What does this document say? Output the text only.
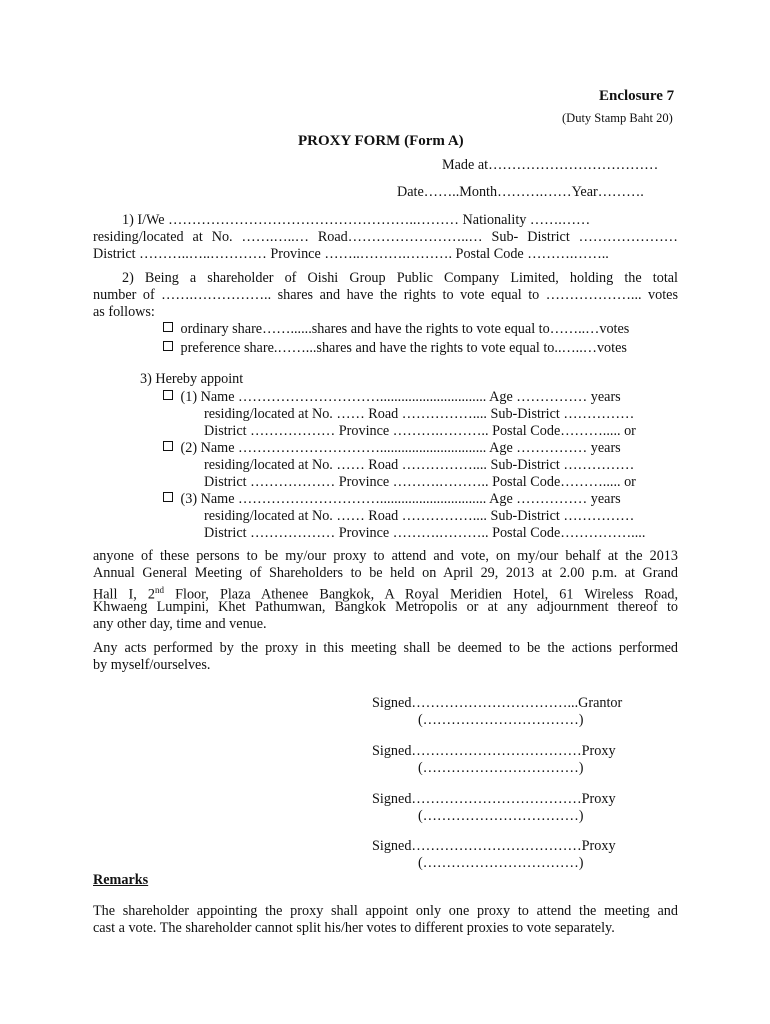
Enclosure 7
(Duty Stamp Baht 20)
PROXY FORM (Form A)
Made at………………………………
Date……..Month……….……Year……….
1) I/We ……………………………………………..……… Nationality …….……
residing/located at No. …….…..… Road……………………..… Sub- District …………………
District ………..…..………… Province ……..……….………. Postal Code ……….……..
2) Being a shareholder of Oishi Group Public Company Limited, holding the total
number of …….…………….. shares and have the rights to vote equal to ………………... votes
as follows:
ordinary share……......shares and have the rights to vote equal to……..…votes
preference share.……...shares and have the rights to vote equal to..…..…votes
3) Hereby appoint
(1) Name ………………………….............................. Age …………… years
residing/located at No. …… Road …………….... Sub-District ……………
District ……………… Province ……….……….. Postal Code………..... or
(2) Name ………………………….............................. Age …………… years
residing/located at No. …… Road …………….... Sub-District ……………
District ……………… Province ……….……….. Postal Code………..... or
(3) Name ………………………….............................. Age …………… years
residing/located at No. …… Road …………….... Sub-District ……………
District ……………… Province ……….……….. Postal Code……………....
anyone of these persons to be my/our proxy to attend and vote, on my/our behalf at the 2013
Annual General Meeting of Shareholders to be held on April 29, 2013 at 2.00 p.m. at Grand
Hall I, 2nd Floor, Plaza Athenee Bangkok, A Royal Meridien Hotel, 61 Wireless Road,
Khwaeng Lumpini, Khet Pathumwan, Bangkok Metropolis or at any adjournment thereof to
any other day, time and venue.
Any acts performed by the proxy in this meeting shall be deemed to be the actions performed
by myself/ourselves.
Signed……………………………...Grantor
(……………………………)
Signed………………………………Proxy
(……………………………)
Signed………………………………Proxy
(……………………………)
Signed………………………………Proxy
(……………………………)
Remarks
The shareholder appointing the proxy shall appoint only one proxy to attend the meeting and
cast a vote. The shareholder cannot split his/her votes to different proxies to vote separately.
